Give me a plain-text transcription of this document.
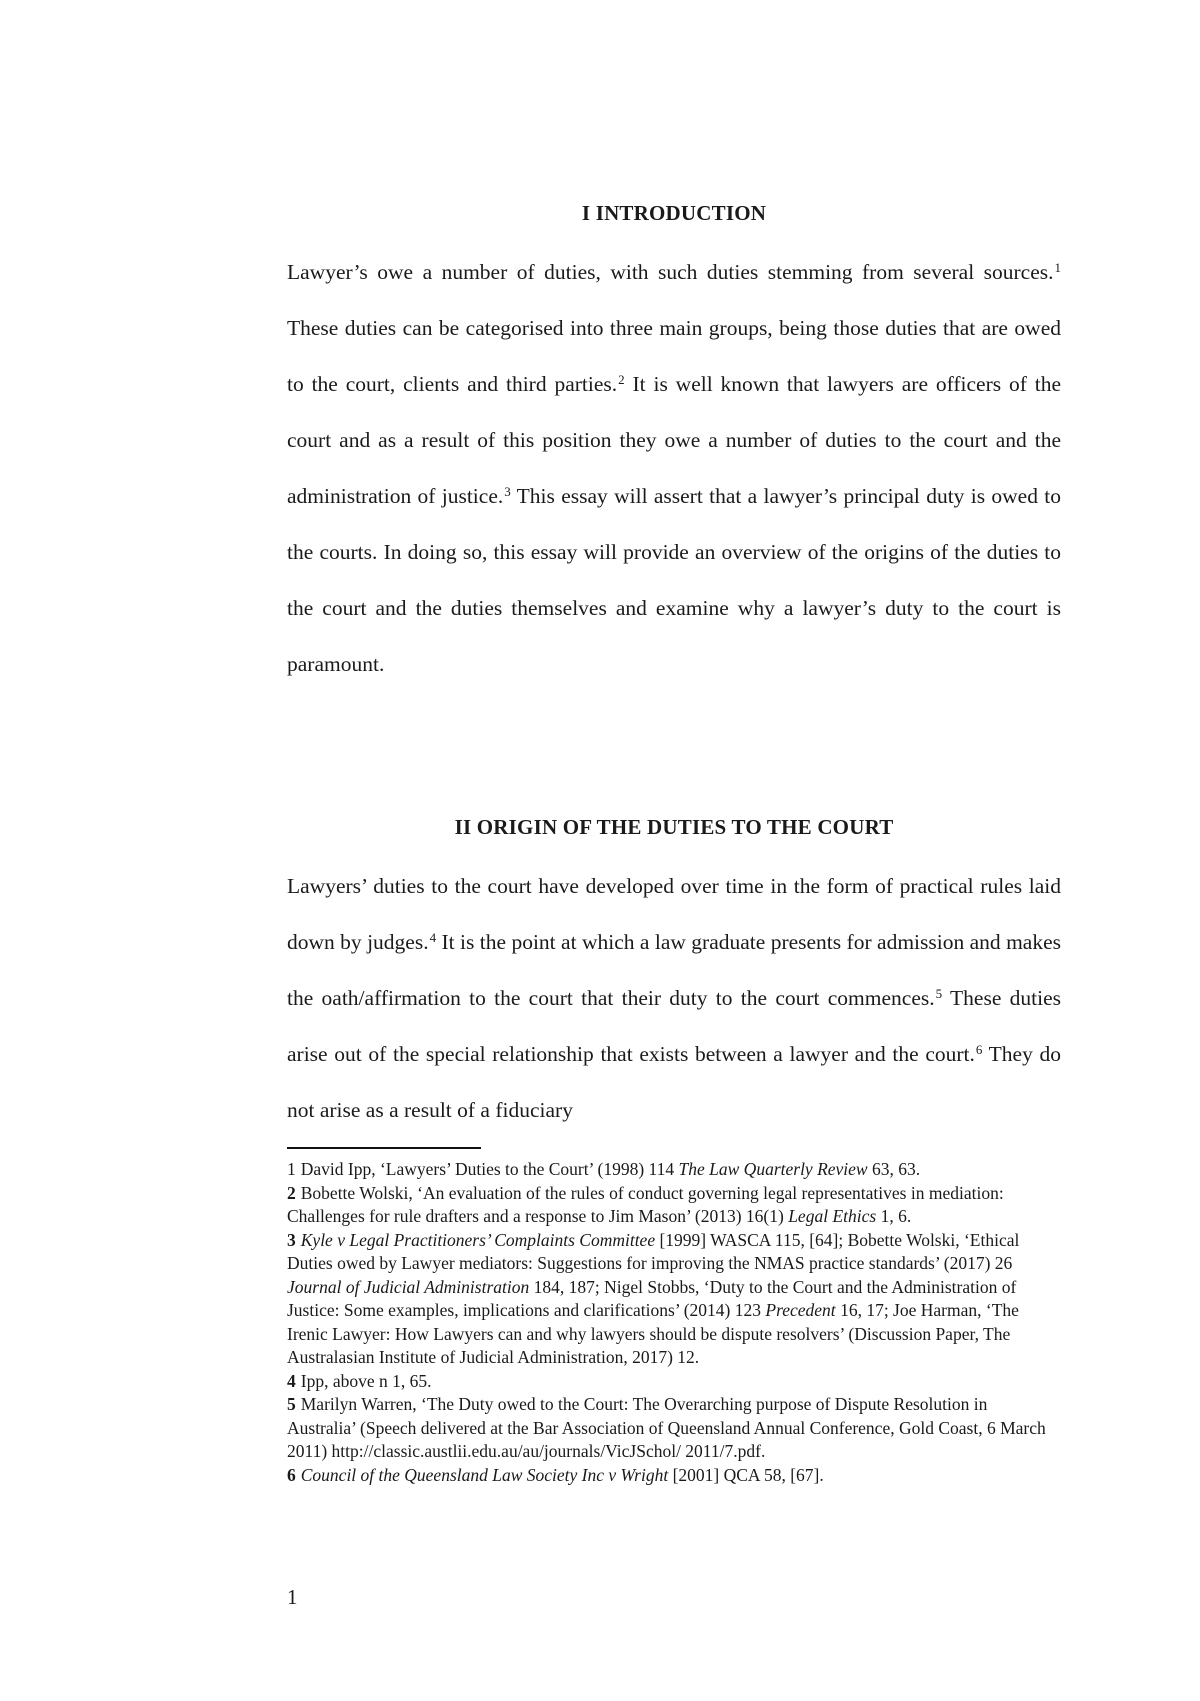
I INTRODUCTION

Lawyer’s owe a number of duties, with such duties stemming from several sources.$^1$ These duties can be categorised into three main groups, being those duties that are owed to the court, clients and third parties.$^2$ It is well known that lawyers are officers of the court and as a result of this position they owe a number of duties to the court and the administration of justice.$^3$ This essay will assert that a lawyer’s principal duty is owed to the courts. In doing so, this essay will provide an overview of the origins of the duties to the court and the duties themselves and examine why a lawyer’s duty to the court is paramount.

II ORIGIN OF THE DUTIES TO THE COURT

Lawyers’ duties to the court have developed over time in the form of practical rules laid down by judges.$^4$ It is the point at which a law graduate presents for admission and makes the oath/affirmation to the court that their duty to the court commences.$^5$ These duties arise out of the special relationship that exists between a lawyer and the court.$^6$ They do not arise as a result of a fiduciary

1 David Ipp, ‘Lawyers’ Duties to the Court’ (1998) 114 The Law Quarterly Review 63, 63.
2 Bobette Wolski, ‘An evaluation of the rules of conduct governing legal representatives in mediation: Challenges for rule drafters and a response to Jim Mason’ (2013) 16(1) Legal Ethics 1, 6.
3 Kyle v Legal Practitioners’ Complaints Committee [1999] WASCA 115, [64]; Bobette Wolski, ‘Ethical Duties owed by Lawyer mediators: Suggestions for improving the NMAS practice standards’ (2017) 26 Journal of Judicial Administration 184, 187; Nigel Stobbs, ‘Duty to the Court and the Administration of Justice: Some examples, implications and clarifications’ (2014) 123 Precedent 16, 17; Joe Harman, ‘The Irenic Lawyer: How Lawyers can and why lawyers should be dispute resolvers’ (Discussion Paper, The Australasian Institute of Judicial Administration, 2017) 12.
4 Ipp, above n 1, 65.
5 Marilyn Warren, ‘The Duty owed to the Court: The Overarching purpose of Dispute Resolution in Australia’ (Speech delivered at the Bar Association of Queensland Annual Conference, Gold Coast, 6 March 2011) http://classic.austlii.edu.au/au/journals/VicJSchol/ 2011/7.pdf.
6 Council of the Queensland Law Society Inc v Wright [2001] QCA 58, [67].
1
